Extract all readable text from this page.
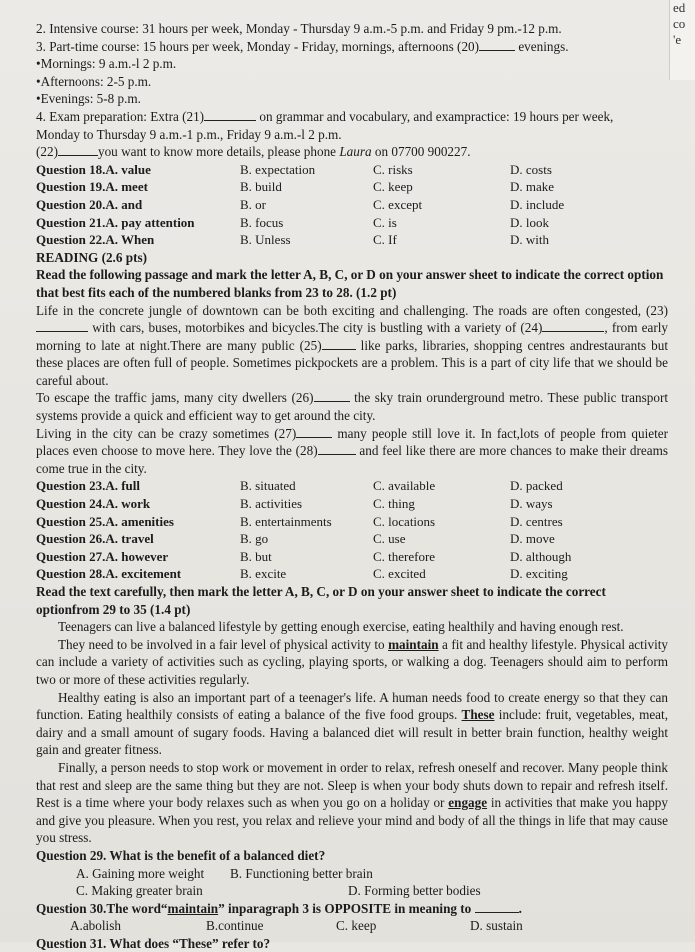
ed
co
'e

2. Intensive course: 31 hours per week, Monday - Thursday 9 a.m.-5 p.m. and Friday 9 pm.-12 p.m.

3. Part-time course: 15 hours per week, Monday - Friday, mornings, afternoons (20)	evenings.

•Mornings: 9 a.m.-l 2 p.m.

•Afternoons: 2-5 p.m.

•Evenings: 5-8 p.m.

4. Exam preparation: Extra (21)	on grammar and vocabulary, and exampractice: 19 hours per week,

Monday to Thursday 9 a.m.-1 p.m., Friday 9 a.m.-l 2 p.m.

(22)	you want to know more details, please phone Laura on 07700 900227.

Question 18.A. value	B. expectation	C. risks	D. costs
Question 19.A. meet	B. build	C. keep	D. make
Question 20.A. and	B. or	C. except	D. include
Question 21.A. pay attention	B. focus	C. is	D. look
Question 22.A. When	B. Unless	C. If	D. with

READING (2.6 pts)

Read the following passage and mark the letter A, B, C, or D on your answer sheet to indicate the correct option that best fits each of the numbered blanks from 23 to 28. (1.2 pt)

Life in the concrete jungle of downtown can be both exciting and challenging. The roads are often congested, (23)  with cars, buses, motorbikes and bicycles.The city is bustling with a variety of (24)	, from early morning to late at night.There are many public (25)	like parks, libraries, shopping centres andrestaurants but these places are often full of people. Sometimes pickpockets are a problem. This is a part of city life that we should be careful about.

To escape the traffic jams, many city dwellers (26)	the sky train orunderground metro. These public transport systems provide a quick and efficient way to get around the city.

Living in the city can be crazy sometimes (27)	many people still love it. In fact,lots of people from quieter places even choose to move here. They love the (28)	and feel like there are more chances to make their dreams come true in the city.

Question 23.A. full	B. situated	C. available	D. packed
Question 24.A. work	B. activities	C. thing	D. ways
Question 25.A. amenities	B. entertainments	C. locations	D. centres
Question 26.A. travel	B. go	C. use	D. move
Question 27.A. however	B. but	C. therefore	D. although
Question 28.A. excitement	B. excite	C. excited	D. exciting

Read the text carefully, then mark the letter A, B, C, or D on your answer sheet to indicate the correct optionfrom 29 to 35 (1.4 pt)

Teenagers can live a balanced lifestyle by getting enough exercise, eating healthily and having enough rest.

They need to be involved in a fair level of physical activity to maintain a fit and healthy lifestyle. Physical activity can include a variety of activities such as cycling, playing sports, or walking a dog. Teenagers should aim to perform two or more of these activities regularly.

Healthy eating is also an important part of a teenager's life. A human needs food to create energy so that they can function. Eating healthily consists of eating a balance of the five food groups. These include: fruit, vegetables, meat, dairy and a small amount of sugary foods. Having a balanced diet will result in better brain function, healthy weight gain and greater fitness.

Finally, a person needs to stop work or movement in order to relax, refresh oneself and recover. Many people think that rest and sleep are the same thing but they are not. Sleep is when your body shuts down to repair and refresh itself. Rest is a time where your body relaxes such as when you go on a holiday or engage in activities that make you happy and give you pleasure. When you rest, you relax and relieve your mind and body of all the things in life that may cause you stress.

Question 29. What is the benefit of a balanced diet?

A. Gaining more weight	B. Functioning better brain
C. Making greater brain	D. Forming better bodies

Question 30.The word“maintain” inparagraph 3 is OPPOSITE in meaning to	.

A.abolish	B.continue	C. keep	D. sustain

Question 31. What does “These” refer to?
